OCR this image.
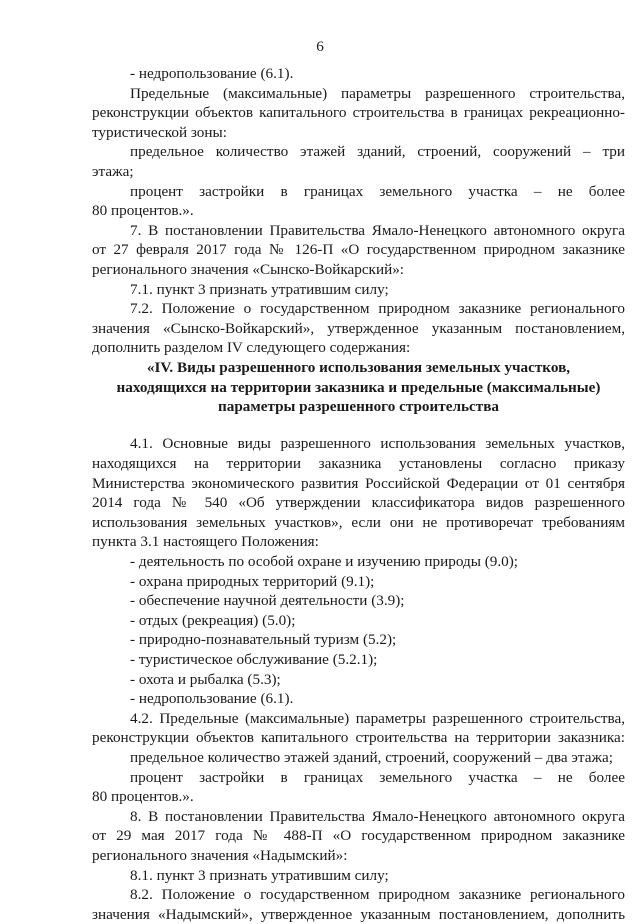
6
- недропользование (6.1).
Предельные (максимальные) параметры разрешенного строительства,
реконструкции объектов капитального строительства в границах рекреационно-
туристической зоны:
предельное количество этажей зданий, строений, сооружений – три
этажа;
процент застройки в границах земельного участка – не более
80 процентов.».
7. В постановлении Правительства Ямало-Ненецкого автономного округа
от 27 февраля 2017 года № 126-П «О государственном природном заказнике
регионального значения «Сынско-Войкарский»:
7.1. пункт 3 признать утратившим силу;
7.2. Положение о государственном природном заказнике регионального
значения «Сынско-Войкарский», утвержденное указанным постановлением,
дополнить разделом IV следующего содержания:
«IV. Виды разрешенного использования земельных участков,
находящихся на территории заказника и предельные (максимальные)
параметры разрешенного строительства
4.1. Основные виды разрешенного использования земельных участков,
находящихся на территории заказника установлены согласно приказу
Министерства экономического развития Российской Федерации от 01 сентября
2014 года № 540 «Об утверждении классификатора видов разрешенного
использования земельных участков», если они не противоречат требованиям
пункта 3.1 настоящего Положения:
- деятельность по особой охране и изучению природы (9.0);
- охрана природных территорий (9.1);
- обеспечение научной деятельности (3.9);
- отдых (рекреация) (5.0);
- природно-познавательный туризм (5.2);
- туристическое обслуживание (5.2.1);
- охота и рыбалка (5.3);
- недропользование (6.1).
4.2. Предельные (максимальные) параметры разрешенного строительства,
реконструкции объектов капитального строительства на территории заказника:
предельное количество этажей зданий, строений, сооружений – два этажа;
процент застройки в границах земельного участка – не более
80 процентов.».
8. В постановлении Правительства Ямало-Ненецкого автономного округа
от 29 мая 2017 года № 488-П «О государственном природном заказнике
регионального значения «Надымский»:
8.1. пункт 3 признать утратившим силу;
8.2. Положение о государственном природном заказнике регионального
значения «Надымский», утвержденное указанным постановлением, дополнить
